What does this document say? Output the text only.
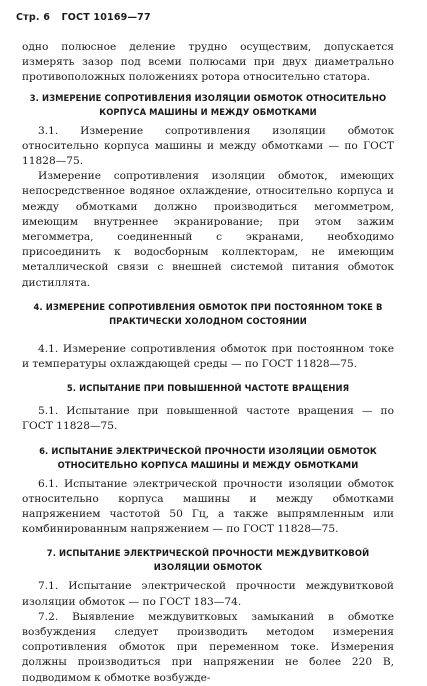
Стр. 6 ГОСТ 10169—77

одно полюсное деление трудно осуществим, допускается измерять зазор под всеми полюсами при двух диаметрально противоположных положениях ротора относительно статора.

3. ИЗМЕРЕНИЕ СОПРОТИВЛЕНИЯ ИЗОЛЯЦИИ ОБМОТОК ОТНОСИТЕЛЬНО КОРПУСА МАШИНЫ И МЕЖДУ ОБМОТКАМИ

3.1. Измерение сопротивления изоляции обмоток относительно корпуса машины и между обмотками — по ГОСТ 11828—75.

Измерение сопротивления изоляции обмоток, имеющих непосредственное водяное охлаждение, относительно корпуса и между обмотками должно производиться мегомметром, имеющим внутреннее экранирование; при этом зажим мегомметра, соединенный с экранами, необходимо присоединить к водосборным коллекторам, не имеющим металлической связи с внешней системой питания обмоток дистиллята.

4. ИЗМЕРЕНИЕ СОПРОТИВЛЕНИЯ ОБМОТОК ПРИ ПОСТОЯННОМ ТОКЕ В ПРАКТИЧЕСКИ ХОЛОДНОМ СОСТОЯНИИ

4.1. Измерение сопротивления обмоток при постоянном токе и температуры охлаждающей среды — по ГОСТ 11828—75.

5. ИСПЫТАНИЕ ПРИ ПОВЫШЕННОЙ ЧАСТОТЕ ВРАЩЕНИЯ

5.1. Испытание при повышенной частоте вращения — по ГОСТ 11828—75.

6. ИСПЫТАНИЕ ЭЛЕКТРИЧЕСКОЙ ПРОЧНОСТИ ИЗОЛЯЦИИ ОБМОТОК ОТНОСИТЕЛЬНО КОРПУСА МАШИНЫ И МЕЖДУ ОБМОТКАМИ

6.1. Испытание электрической прочности изоляции обмоток относительно корпуса машины и между обмотками напряжением частотой 50 Гц, а также выпрямленным или комбинированным напряжением — по ГОСТ 11828—75.

7. ИСПЫТАНИЕ ЭЛЕКТРИЧЕСКОЙ ПРОЧНОСТИ МЕЖДУВИТКОВОЙ ИЗОЛЯЦИИ ОБМОТОК

7.1. Испытание электрической прочности междувитковой изоляции обмоток — по ГОСТ 183—74.

7.2. Выявление междувитковых замыканий в обмотке возбуждения следует производить методом измерения сопротивления обмоток при переменном токе. Измерения должны производиться при напряжении не более 220 В, подводимом к обмотке возбужде-
